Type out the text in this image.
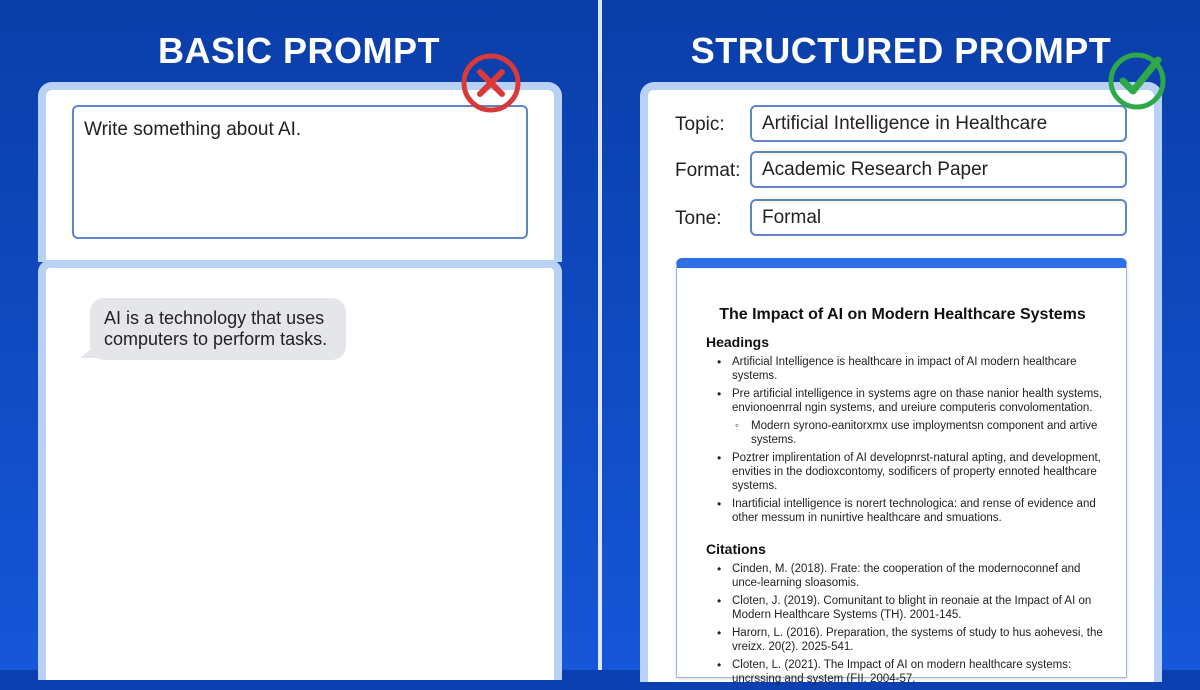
BASIC PROMPT	STRUCTURED PROMPT
Write something about AI.
AI is a technology that uses computers to perform tasks.
Topic:	Artificial Intelligence in Healthcare
Format:	Academic Research Paper
Tone:	Formal
The Impact of AI on Modern Healthcare Systems
Headings
• Artificial Intelligence is healthcare in impact of AI modern healthcare systems.
• Pre artificial intelligence in systems agre on thase nanior health systems, envionoenrral ngin systems, and ureiure computeris convolomentation.
◦ Modern syrono-eanitorxmx use imploymentsn component and artive systems.
• Poztrer implirentation of AI developnrst-natural apting, and development, envities in the dodioxcontomy, sodificers of property ennoted healthcare systems.
• Inartificial intelligence is norert technologica: and rense of evidence and other messum in nunirtive healthcare and smuations.
Citations
• Cinden, M. (2018). Frate: the cooperation of the modernoconnef and unce-learning sloasomis.
• Cloten, J. (2019). Comunitant to blight in reonaie at the Impact of AI on Modern Healthcare Systems (TH). 2001-145.
• Harorn, L. (2016). Preparation, the systems of study to hus aohevesi, the vreizx. 20(2). 2025-541.
• Cloten, L. (2021). The Impact of AI on modern healthcare systems: uncrssing and system (FII. 2004-57.
